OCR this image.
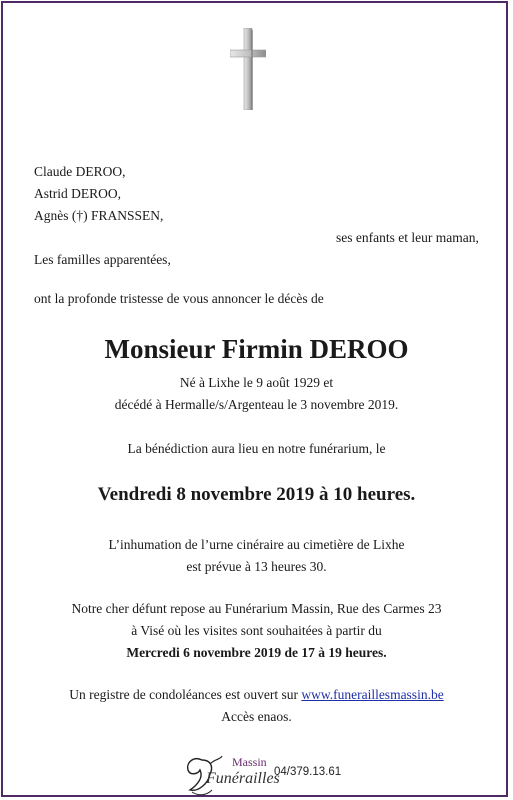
Claude DEROO,
Astrid DEROO,
Agnès (†) FRANSSEN,
ses enfants et leur maman,
Les familles apparentées,
ont la profonde tristesse de vous annoncer le décès de
Monsieur Firmin DEROO
Né à Lixhe le 9 août 1929 et
décédé à Hermalle/s/Argenteau le 3 novembre 2019.
La bénédiction aura lieu en notre funérarium, le
Vendredi 8 novembre 2019 à 10 heures.
L’inhumation de l’urne cinéraire au cimetière de Lixhe
est prévue à 13 heures 30.
Notre cher défunt repose au Funérarium Massin, Rue des Carmes 23
à Visé où les visites sont souhaitées à partir du
Mercredi 6 novembre 2019 de 17 à 19 heures.
Un registre de condoléances est ouvert sur www.funeraillesmassin.be
Accès enaos.
Massin
Funérailles
04/379.13.61
